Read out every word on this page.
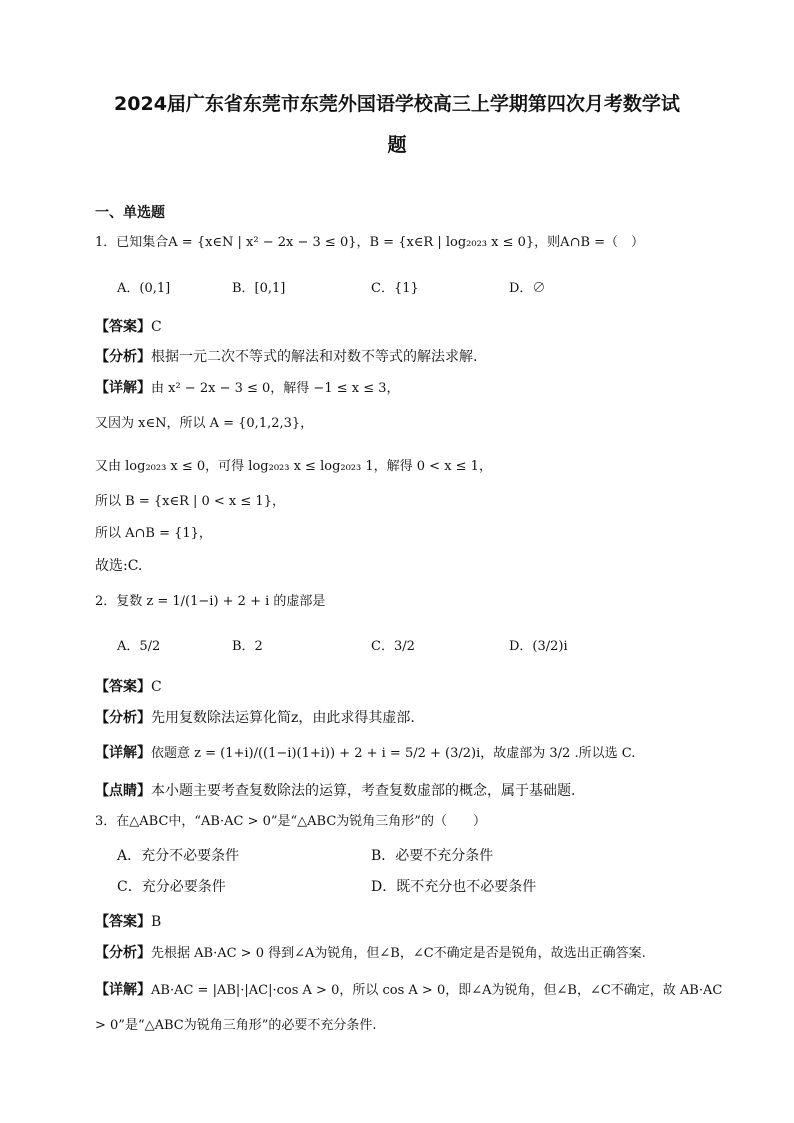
2024届广东省东莞市东莞外国语学校高三上学期第四次月考数学试
题
一、单选题
1．已知集合A = {x∈N | x² − 2x − 3 ≤ 0}，B = {x∈R | log₂₀₂₃ x ≤ 0}，则A∩B =（　）
A．(0,1]	B．[0,1]	C．{1}	D．∅
【答案】C
【分析】根据一元二次不等式的解法和对数不等式的解法求解.
【详解】由 x² − 2x − 3 ≤ 0，解得 −1 ≤ x ≤ 3，
又因为 x∈N，所以 A = {0,1,2,3}，
又由 log₂₀₂₃ x ≤ 0，可得 log₂₀₂₃ x ≤ log₂₀₂₃ 1，解得 0 < x ≤ 1，
所以 B = {x∈R | 0 < x ≤ 1}，
所以 A∩B = {1}，
故选:C.
2．复数 z = 1/(1−i) + 2 + i 的虚部是
A．5/2	B．2	C．3/2	D．(3/2)i
【答案】C
【分析】先用复数除法运算化简z，由此求得其虚部.
【详解】依题意 z = (1+i)/((1−i)(1+i)) + 2 + i = 5/2 + (3/2)i，故虚部为 3/2 .所以选 C.
【点睛】本小题主要考查复数除法的运算，考查复数虚部的概念，属于基础题.
3．在△ABC中，“AB·AC > 0”是“△ABC为锐角三角形”的（　　）
A．充分不必要条件	B．必要不充分条件
C．充分必要条件	D．既不充分也不必要条件
【答案】B
【分析】先根据 AB·AC > 0 得到∠A为锐角，但∠B，∠C不确定是否是锐角，故选出正确答案.
【详解】AB·AC = |AB|·|AC|·cos A > 0，所以 cos A > 0，即∠A为锐角，但∠B，∠C不确定，故 AB·AC
> 0”是“△ABC为锐角三角形”的必要不充分条件.
